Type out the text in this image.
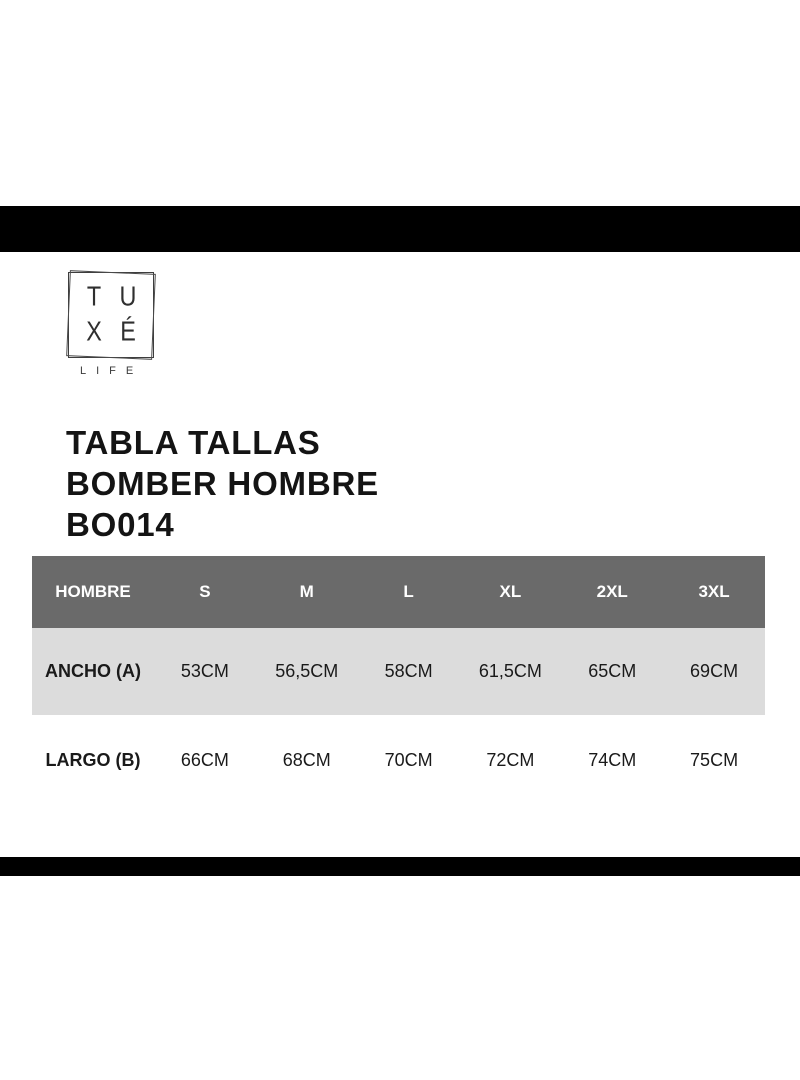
T U
X É
LIFE
TABLA TALLAS
BOMBER HOMBRE
BO014
HOMBRE	S	M	L	XL	2XL	3XL
ANCHO (A)	53CM	56,5CM	58CM	61,5CM	65CM	69CM
LARGO (B)	66CM	68CM	70CM	72CM	74CM	75CM
